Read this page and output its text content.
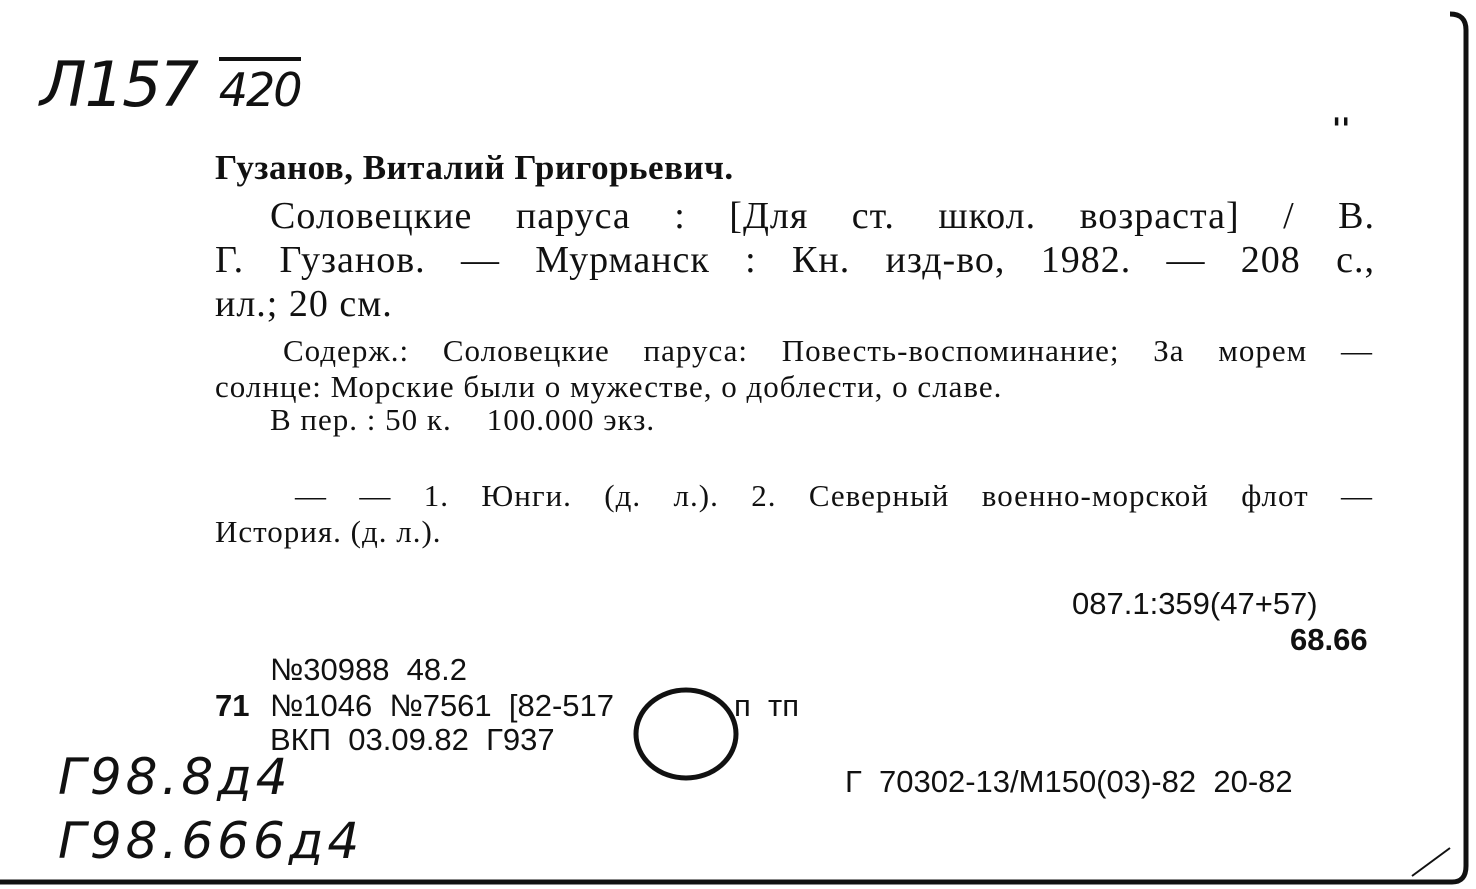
Л157 420
''
Гузанов, Виталий Григорьевич.
Соловецкие паруса : [Для ст. школ. возраста] / В.
Г. Гузанов. — Мурманск : Кн. изд-во, 1982. — 208 с.,
ил.; 20 см.
Содерж.: Соловецкие паруса: Повесть-воспоминание; За морем —
солнце: Морские были о мужестве, о доблести, о славе.
В пер. : 50 к.    100.000 экз.
— — 1. Юнги. (д. л.). 2. Северный военно-морской флот —
История. (д. л.).
087.1:359(47+57)
68.66
№30988  48.2
71 №1046  №7561  [82-517	п  тп
ВКП  03.09.82  Г937
Г  70302-13/М150(03)-82  20-82
Г98.8д4
Г98.666д4
